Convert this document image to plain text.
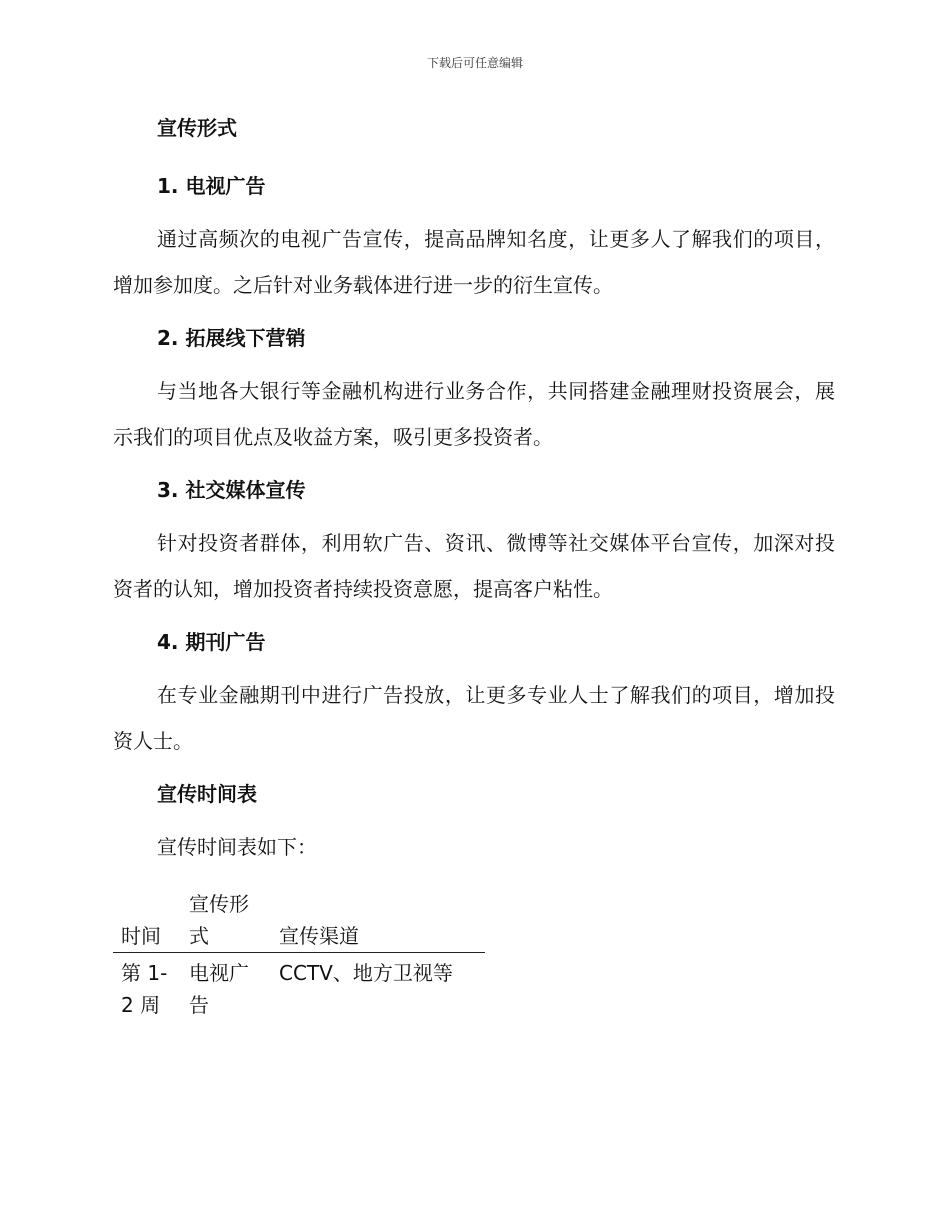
下载后可任意编辑

宣传形式

1. 电视广告

通过高频次的电视广告宣传，提高品牌知名度，让更多人了解我们的项目，增加参加度。之后针对业务载体进行进一步的衍生宣传。

2. 拓展线下营销

与当地各大银行等金融机构进行业务合作，共同搭建金融理财投资展会，展示我们的项目优点及收益方案，吸引更多投资者。

3. 社交媒体宣传

针对投资者群体，利用软广告、资讯、微博等社交媒体平台宣传，加深对投资者的认知，增加投资者持续投资意愿，提高客户粘性。

4. 期刊广告

在专业金融期刊中进行广告投放，让更多专业人士了解我们的项目，增加投资人士。

宣传时间表

宣传时间表如下：

时间	宣传形式	宣传渠道
第 1-2 周	电视广告	CCTV、地方卫视等
